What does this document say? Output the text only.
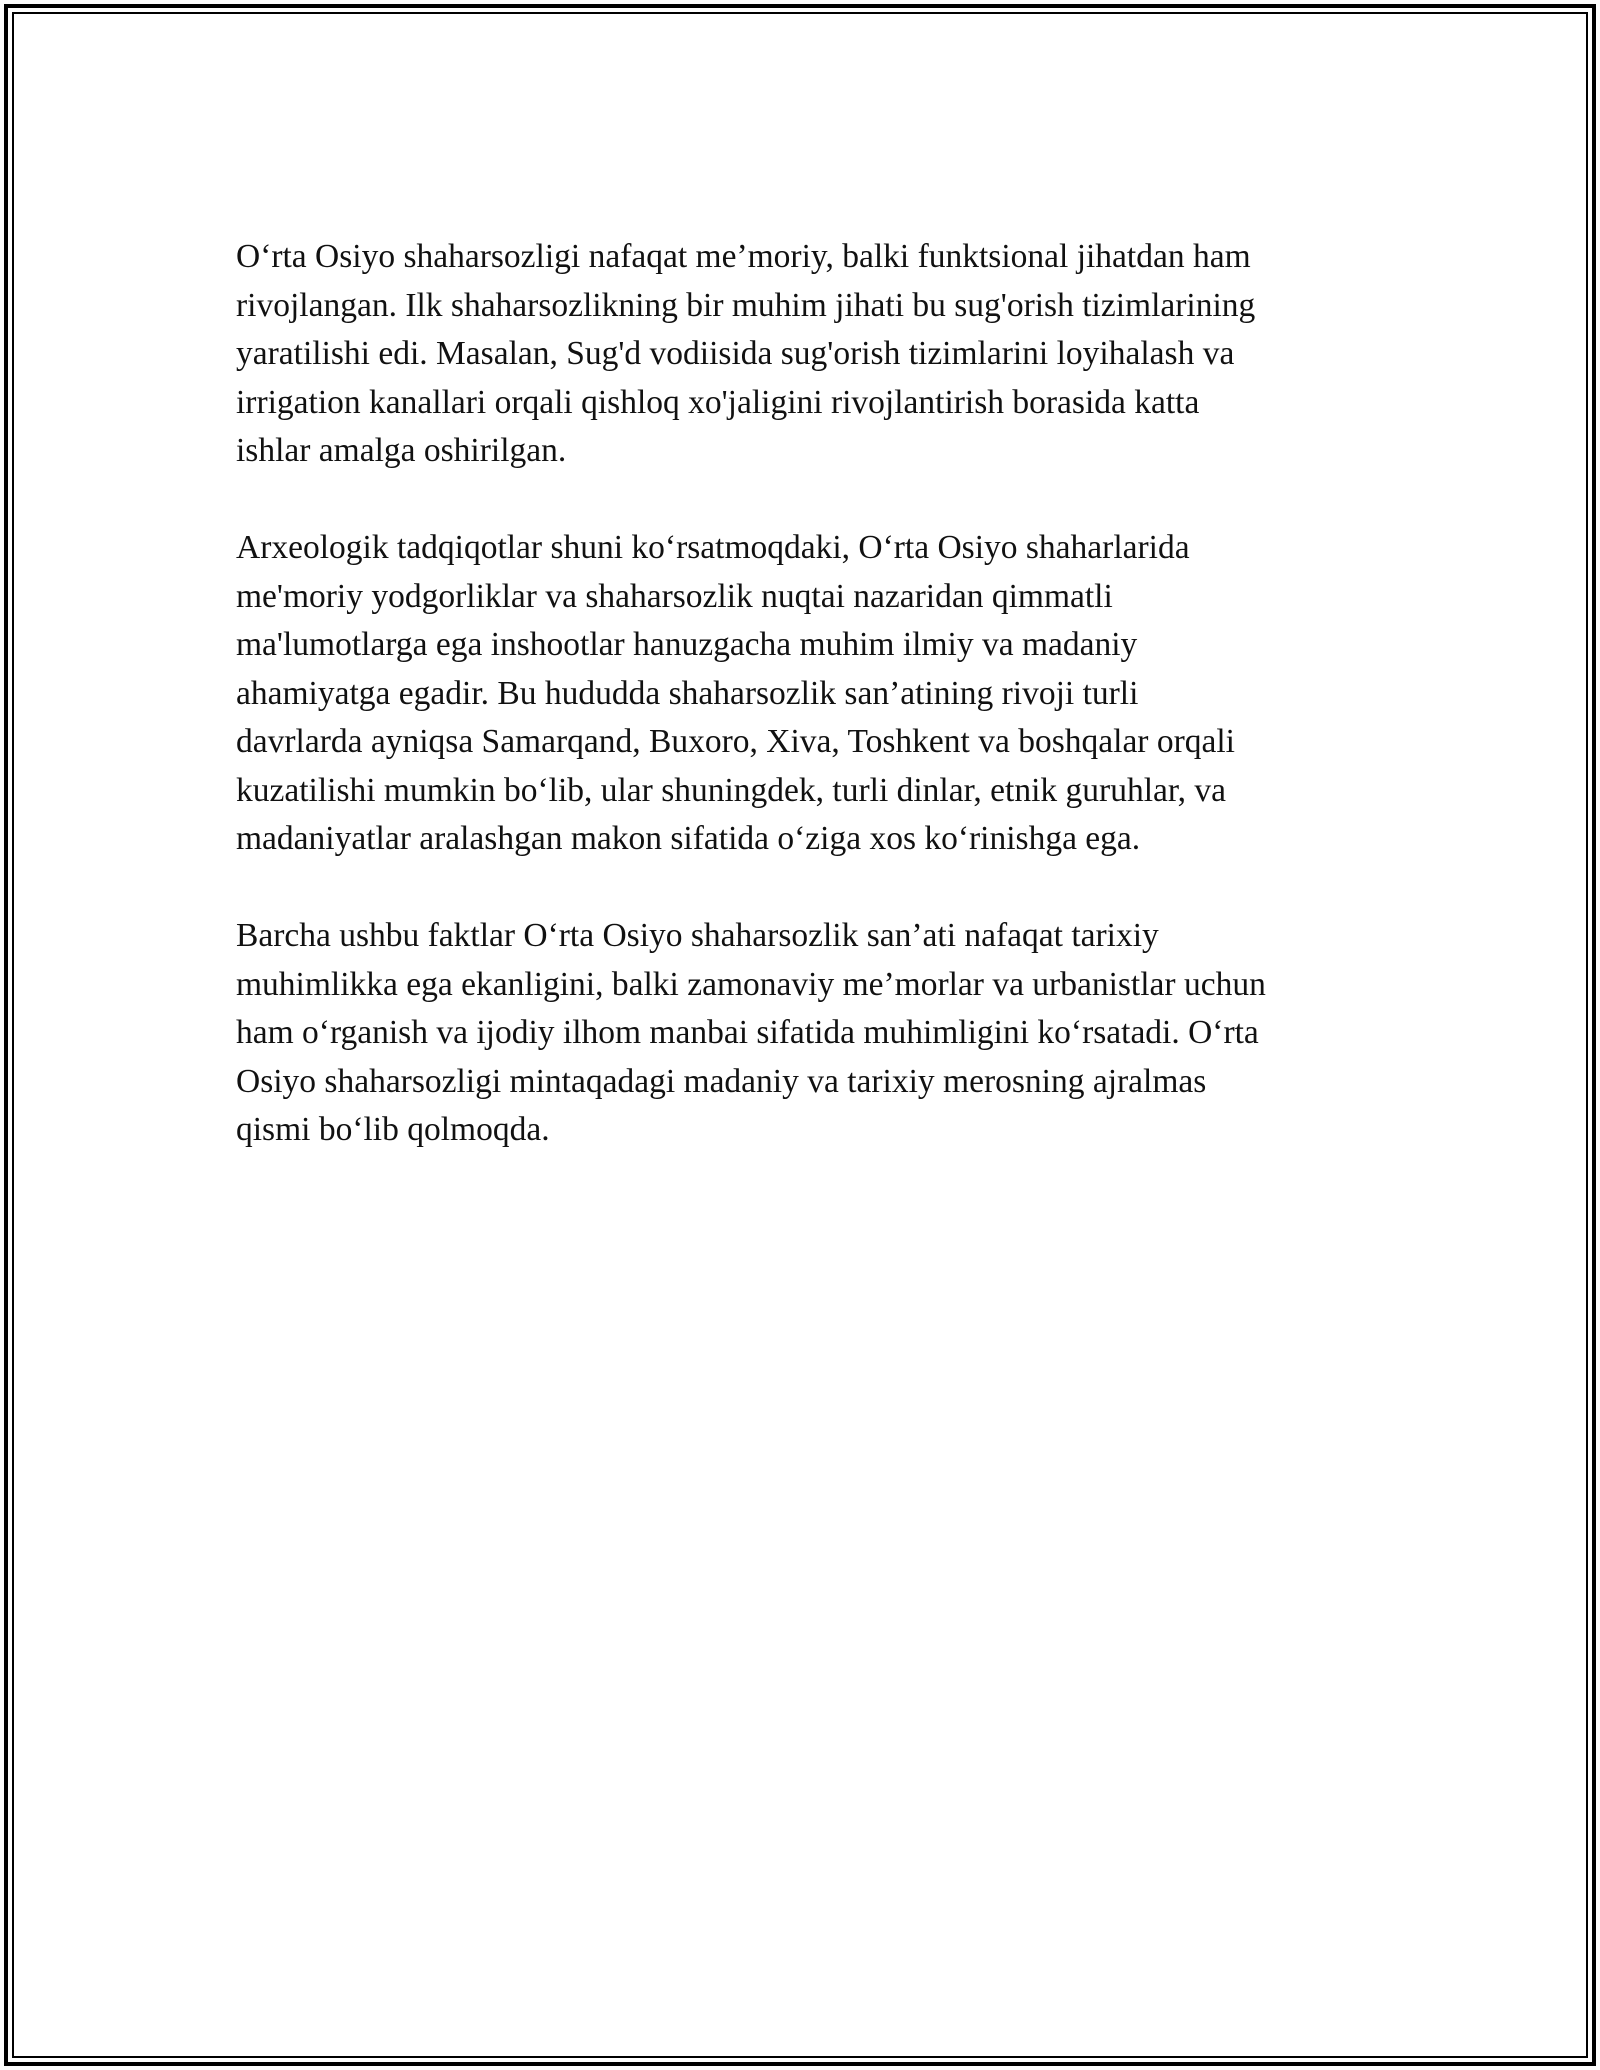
O‘rta Osiyo shaharsozligi nafaqat me’moriy, balki funktsional jihatdan ham
rivojlangan. Ilk shaharsozlikning bir muhim jihati bu sug'orish tizimlarining
yaratilishi edi. Masalan, Sug'd vodiisida sug'orish tizimlarini loyihalash va
irrigation kanallari orqali qishloq xo'jaligini rivojlantirish borasida katta
ishlar amalga oshirilgan.

Arxeologik tadqiqotlar shuni ko‘rsatmoqdaki, O‘rta Osiyo shaharlarida
me'moriy yodgorliklar va shaharsozlik nuqtai nazaridan qimmatli
ma'lumotlarga ega inshootlar hanuzgacha muhim ilmiy va madaniy
ahamiyatga egadir. Bu hududda shaharsozlik san’atining rivoji turli
davrlarda ayniqsa Samarqand, Buxoro, Xiva, Toshkent va boshqalar orqali
kuzatilishi mumkin bo‘lib, ular shuningdek, turli dinlar, etnik guruhlar, va
madaniyatlar aralashgan makon sifatida o‘ziga xos ko‘rinishga ega.

Barcha ushbu faktlar O‘rta Osiyo shaharsozlik san’ati nafaqat tarixiy
muhimlikka ega ekanligini, balki zamonaviy me’morlar va urbanistlar uchun
ham o‘rganish va ijodiy ilhom manbai sifatida muhimligini ko‘rsatadi. O‘rta
Osiyo shaharsozligi mintaqadagi madaniy va tarixiy merosning ajralmas
qismi bo‘lib qolmoqda.
